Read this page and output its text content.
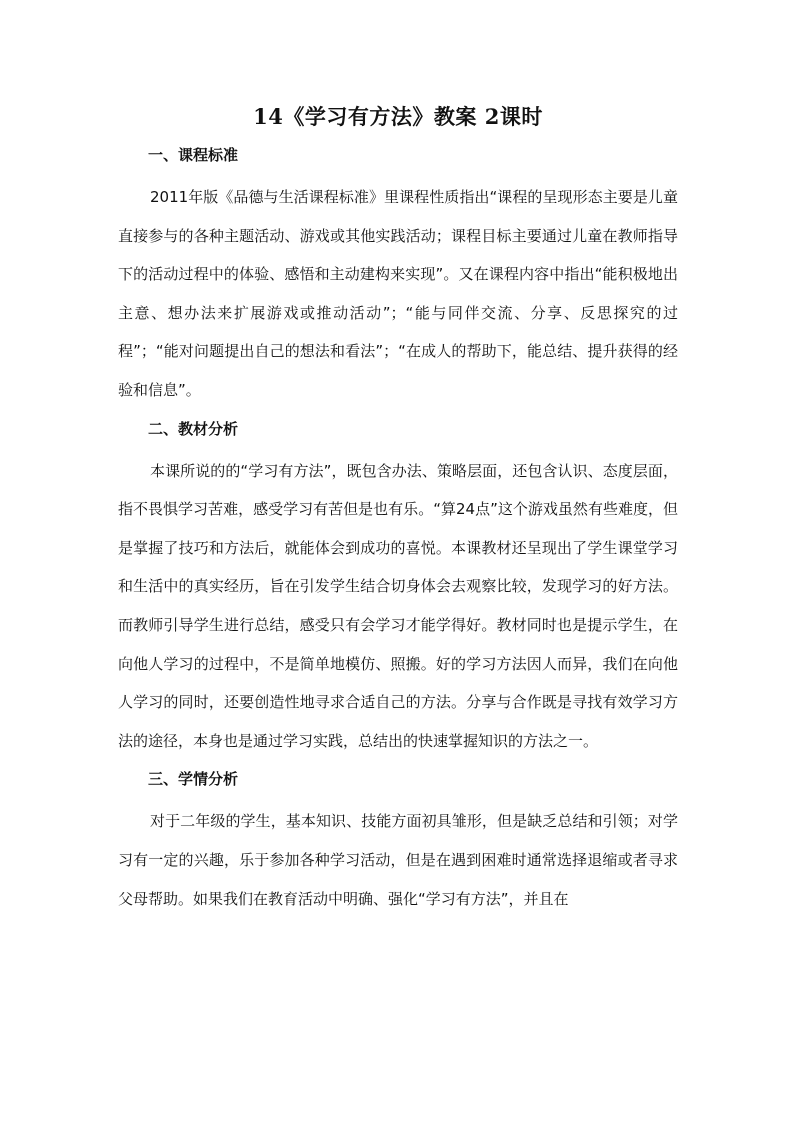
14《学习有方法》教案 2课时
一、课程标准

2011年版《品德与生活课程标准》里课程性质指出“课程的呈现形态主要是儿童直接参与的各种主题活动、游戏或其他实践活动；课程目标主要通过儿童在教师指导下的活动过程中的体验、感悟和主动建构来实现”。又在课程内容中指出“能积极地出主意、想办法来扩展游戏或推动活动”；“能与同伴交流、分享、反思探究的过程”；“能对问题提出自己的想法和看法”；“在成人的帮助下，能总结、提升获得的经验和信息”。

二、教材分析

本课所说的的“学习有方法”，既包含办法、策略层面，还包含认识、态度层面，指不畏惧学习苦难，感受学习有苦但是也有乐。“算24点”这个游戏虽然有些难度，但是掌握了技巧和方法后，就能体会到成功的喜悦。本课教材还呈现出了学生课堂学习和生活中的真实经历，旨在引发学生结合切身体会去观察比较，发现学习的好方法。而教师引导学生进行总结，感受只有会学习才能学得好。教材同时也是提示学生，在向他人学习的过程中，不是简单地模仿、照搬。好的学习方法因人而异，我们在向他人学习的同时，还要创造性地寻求合适自己的方法。分享与合作既是寻找有效学习方法的途径，本身也是通过学习实践，总结出的快速掌握知识的方法之一。

三、学情分析

对于二年级的学生，基本知识、技能方面初具雏形，但是缺乏总结和引领；对学习有一定的兴趣，乐于参加各种学习活动，但是在遇到困难时通常选择退缩或者寻求父母帮助。如果我们在教育活动中明确、强化“学习有方法”，并且在
